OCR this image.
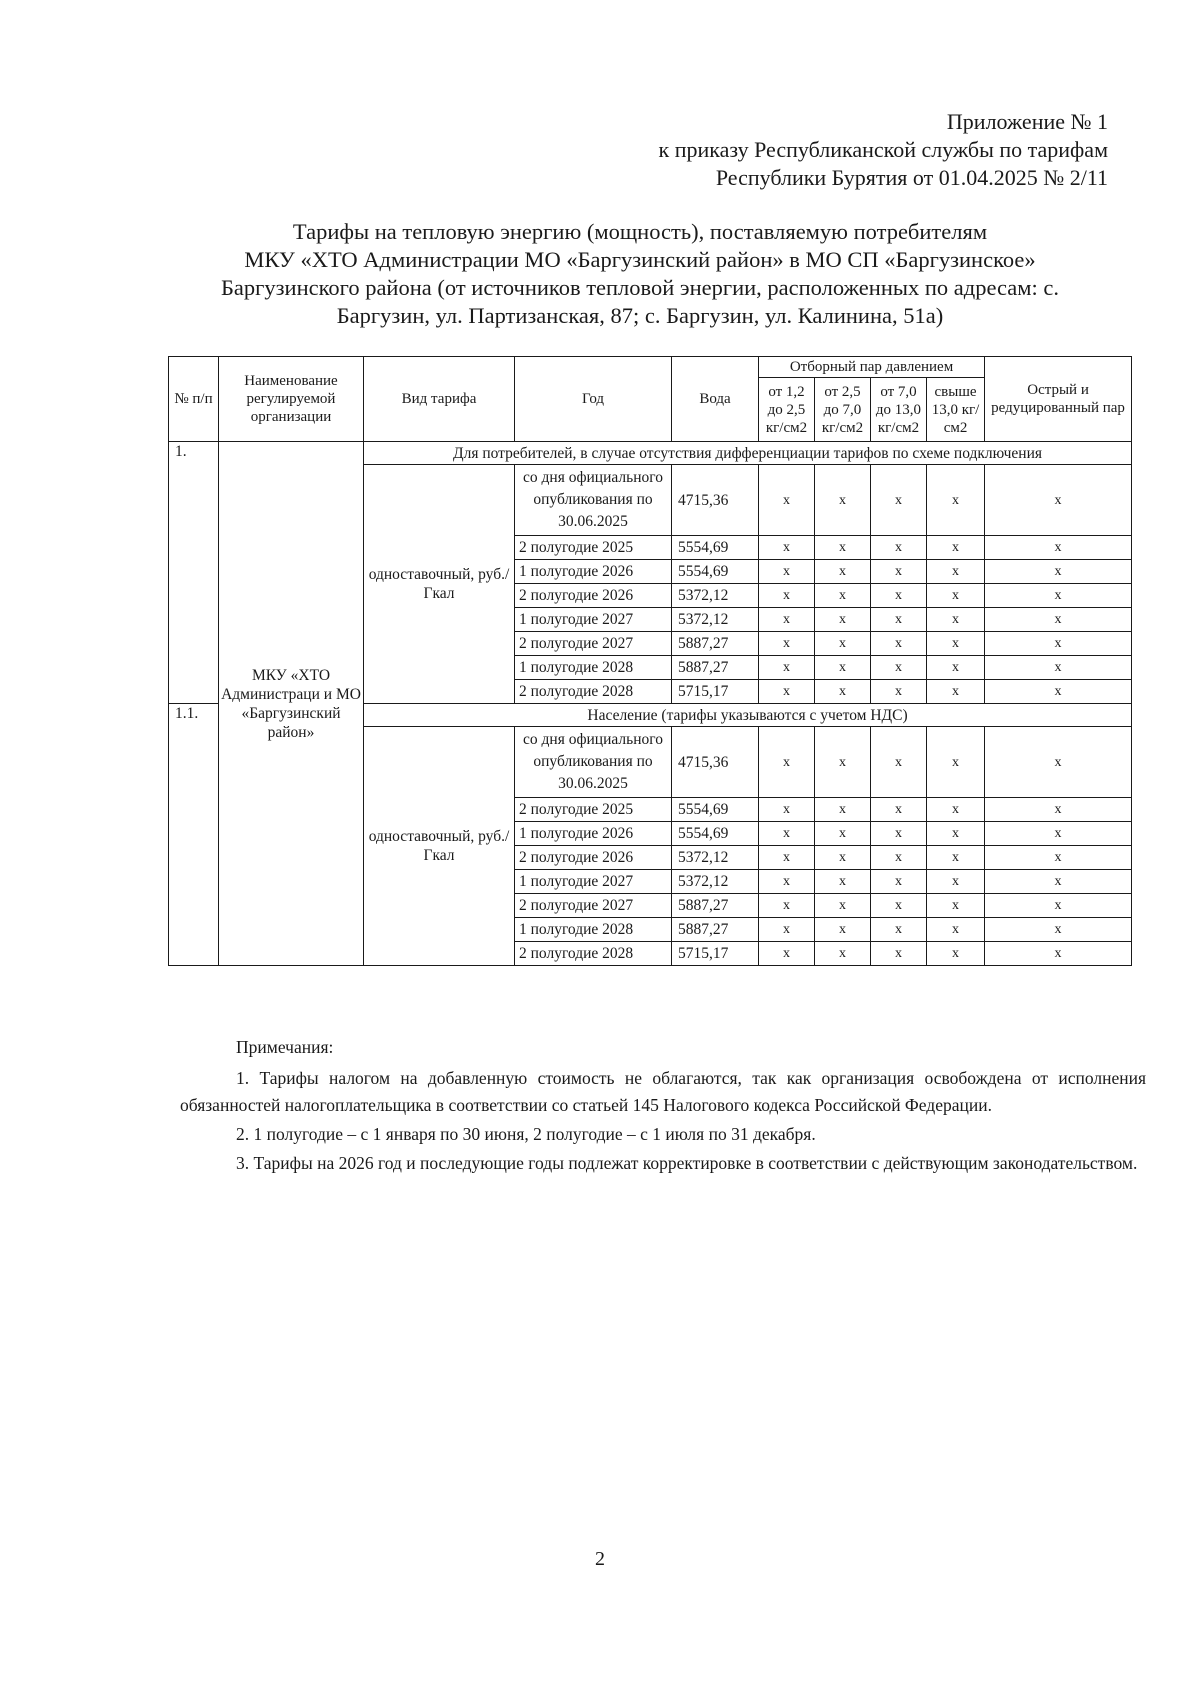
Приложение № 1
к приказу Республиканской службы по тарифам
Республики Бурятия от 01.04.2025 № 2/11
Тарифы на тепловую энергию (мощность), поставляемую потребителям
МКУ «ХТО Администрации МО «Баргузинский район» в МО СП «Баргузинское»
Баргузинского района (от источников тепловой энергии, расположенных по адресам: с.
Баргузин, ул. Партизанская, 87; с. Баргузин, ул. Калинина, 51а)
№ п/п	Наименование регулируемой организации	Вид тарифа	Год	Вода	Отборный пар давлением				Острый и редуцированный пар
					от 1,2 до 2,5 кг/см2	от 2,5 до 7,0 кг/см2	от 7,0 до 13,0 кг/см2	свыше 13,0 кг/см2	
1.	МКУ «ХТО Администраци и МО «Баргузинский район»	Для потребителей, в случае отсутствия дифференциации тарифов по схеме подключения							
		одноставочный, руб./Гкал	со дня официального опубликования по 30.06.2025	4715,36	х	х	х	х	х
			2 полугодие 2025	5554,69	х	х	х	х	х
			1 полугодие 2026	5554,69	х	х	х	х	х
			2 полугодие 2026	5372,12	х	х	х	х	х
			1 полугодие 2027	5372,12	х	х	х	х	х
			2 полугодие 2027	5887,27	х	х	х	х	х
			1 полугодие 2028	5887,27	х	х	х	х	х
			2 полугодие 2028	5715,17	х	х	х	х	х
1.1.		Население (тарифы указываются с учетом НДС)							
		одноставочный, руб./Гкал	со дня официального опубликования по 30.06.2025	4715,36	х	х	х	х	х
			2 полугодие 2025	5554,69	х	х	х	х	х
			1 полугодие 2026	5554,69	х	х	х	х	х
			2 полугодие 2026	5372,12	х	х	х	х	х
			1 полугодие 2027	5372,12	х	х	х	х	х
			2 полугодие 2027	5887,27	х	х	х	х	х
			1 полугодие 2028	5887,27	х	х	х	х	х
			2 полугодие 2028	5715,17	х	х	х	х	х

Примечания:

1. Тарифы налогом на добавленную стоимость не облагаются, так как организация освобождена от исполнения обязанностей налогоплательщика в соответствии со статьей 145 Налогового кодекса Российской Федерации.

2. 1 полугодие – с 1 января по 30 июня, 2 полугодие – с 1 июля по 31 декабря.

3. Тарифы на 2026 год и последующие годы подлежат корректировке в соответствии с действующим законодательством.

2
